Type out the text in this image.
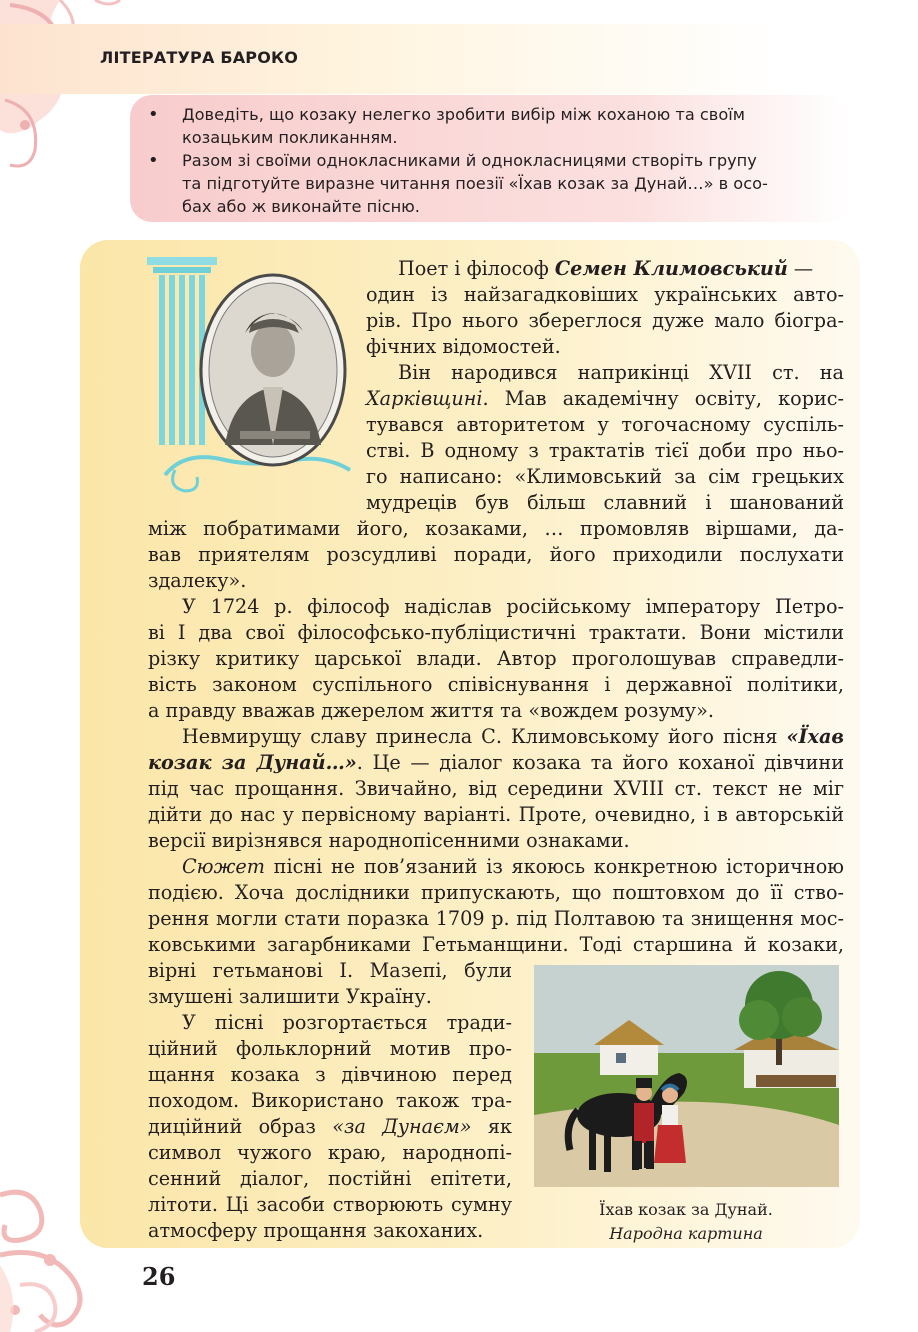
ЛІТЕРАТУРА БАРОКО
• Доведіть, що козаку нелегко зробити вибір між коханою та своїм
козацьким покликанням.
• Разом зі своїми однокласниками й однокласницями створіть групу
та підготуйте виразне читання поезії «Їхав козак за Дунай…» в осо-
бах або ж виконайте пісню.
Поет і філософ Семен Климовський —
один із найзагадковіших українських авто-
рів. Про нього збереглося дуже мало біогра-
фічних відомостей.
Він народився наприкінці XVII ст. на
Харківщині. Мав академічну освіту, корис-
тувався авторитетом у тогочасному суспіль-
стві. В одному з трактатів тієї доби про ньо-
го написано: «Климовський за сім грецьких
мудреців був більш славний і шанований
між побратимами його, козаками, … промовляв віршами, да-
вав приятелям розсудливі поради, його приходили послухати
здалеку».
У 1724 р. філософ надіслав російському імператору Петро-
ві І два свої філософсько-публіцистичні трактати. Вони містили
різку критику царської влади. Автор проголошував справедли-
вість законом суспільного співіснування і державної політики,
а правду вважав джерелом життя та «вождем розуму».
Невмирущу славу принесла С. Климовському його пісня «Їхав
козак за Дунай…». Це — діалог козака та його коханої дівчини
під час прощання. Звичайно, від середини XVIII ст. текст не міг
дійти до нас у первісному варіанті. Проте, очевидно, і в авторській
версії вирізнявся народнопісенними ознаками.
Сюжет пісні не пов’язаний із якоюсь конкретною історичною
подією. Хоча дослідники припускають, що поштовхом до її ство-
рення могли стати поразка 1709 р. під Полтавою та знищення мос-
ковськими загарбниками Гетьманщини. Тоді старшина й козаки,
вірні гетьманові І. Мазепі, були
змушені залишити Україну.
У пісні розгортається тради-
ційний фольклорний мотив про-
щання козака з дівчиною перед
походом. Використано також тра-
диційний образ «за Дунаєм» як
символ чужого краю, народнопі-
сенний діалог, постійні епітети,
літоти. Ці засоби створюють сумну
атмосферу прощання закоханих.
Їхав козак за Дунай.
Народна картина
26
